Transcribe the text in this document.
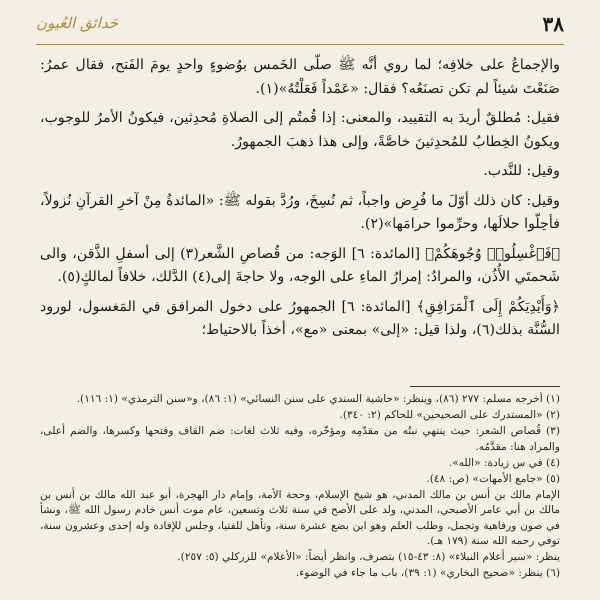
٣٨
حَدائق العُيون

والإجماعُ على خلافِه؛ لما روي أنَّه ﷺ صلّى الخَمس بوُضوءٍ واحدٍ يومَ الفَتح، فقال عمرُ: صَنَعْتَ شيئاً لم تكن تصنَعُه؟ فقال: «عَمْداً فَعَلْتُهُ»(١).

فقيل: مُطلقٌ أريدَ به التقييد، والمعنى: إذا قُمتُم إلى الصلاةِ مُحدِثين، فيكونُ الأمرُ للوجوب، ويكونُ الخِطابُ للمُحدِثينَ خاصَّةً، وإلى هذا ذهبَ الجمهورُ.

وقيل: للنَّدب.

وقيل: كان ذلك أوّلَ ما فُرِض واجباً، ثم نُسِخَ، ورُدَّ بقوله ﷺ: «المائدةُ مِنْ آخرِ القرآنِ نُزولاً، فأحِلّوا حلالَها، وحرِّموا حرامَها»(٢).

﴿فَٱغْسِلُوا۟ وُجُوهَكُمْ﴾ [المائدة: ٦] الوَجه: من قُصاصِ الشَّعر(٣) إلى أسفلِ الذَّقن، والى شَحمتَي الأُذُن، والمرادُ: إمرارُ الماءِ على الوجه، ولا حاجةَ إلى(٤) الدَّلك، خلافاً لمالكٍ(٥).

﴿وَأَيْدِيَكُمْ إِلَى ٱلْمَرَافِقِ﴾ [المائدة: ٦] الجمهورُ على دخول المرافق في المَغسول، لورود السُّنَّة بذلك(٦)، ولذا قيل: «إلى» بمعنى «مع»، أخذاً بالاحتياط؛

(١) أخرجه مسلم: ٢٧٧ (٨٦)، وينظر: «حاشية السندي على سنن النسائي» (١: ٨٦)، و«سنن الترمذي» (١: ١١٦).

(٢) «المستدرك على الصحيحين» للحاكم (٢: ٣٤٠).

(٣) قُصاص الشعر: حيث ينتهي نبتُه من مقدّمِه ومؤخّره، وفيه ثلاث لغات: ضم القاف وفتحها وكسرها، والضم أعلى، والمراد هنا: مقدَّمُه.

(٤) في س زيادة: «الله».

(٥) «جامع الأمهات» (ص: ٤٨).

الإمام مالك بن أنس بن مالك المدني، هو شيخ الإسلام، وحجة الأمة، وإمام دار الهجرة، أبو عبد الله مالك بن أنس بن مالك بن أبي عامر الأصبحي، المدني، ولد على الأصح في سنة ثلاث وتسعين، عام موت أنس خادم رسول الله ﷺ، ونشأ في صون ورفاهية وتجمل، وطلب العلم وهو ابن بضع عشرة سنة، وتأهل للفتيا، وجلس للإفادة وله إحدى وعشرون سنة، توفي رحمه الله سنة (١٧٩ هـ).

ينظر: «سير أعلام النبلاء» (٨: ٤٣-١٥) بتصرف، وانظر أيضاً: «الأعلام» للزركلي (٥: ٢٥٧).

(٦) ينظر: «صحيح البخاري» (١: ٣٩)، باب ما جاء في الوضوء.
